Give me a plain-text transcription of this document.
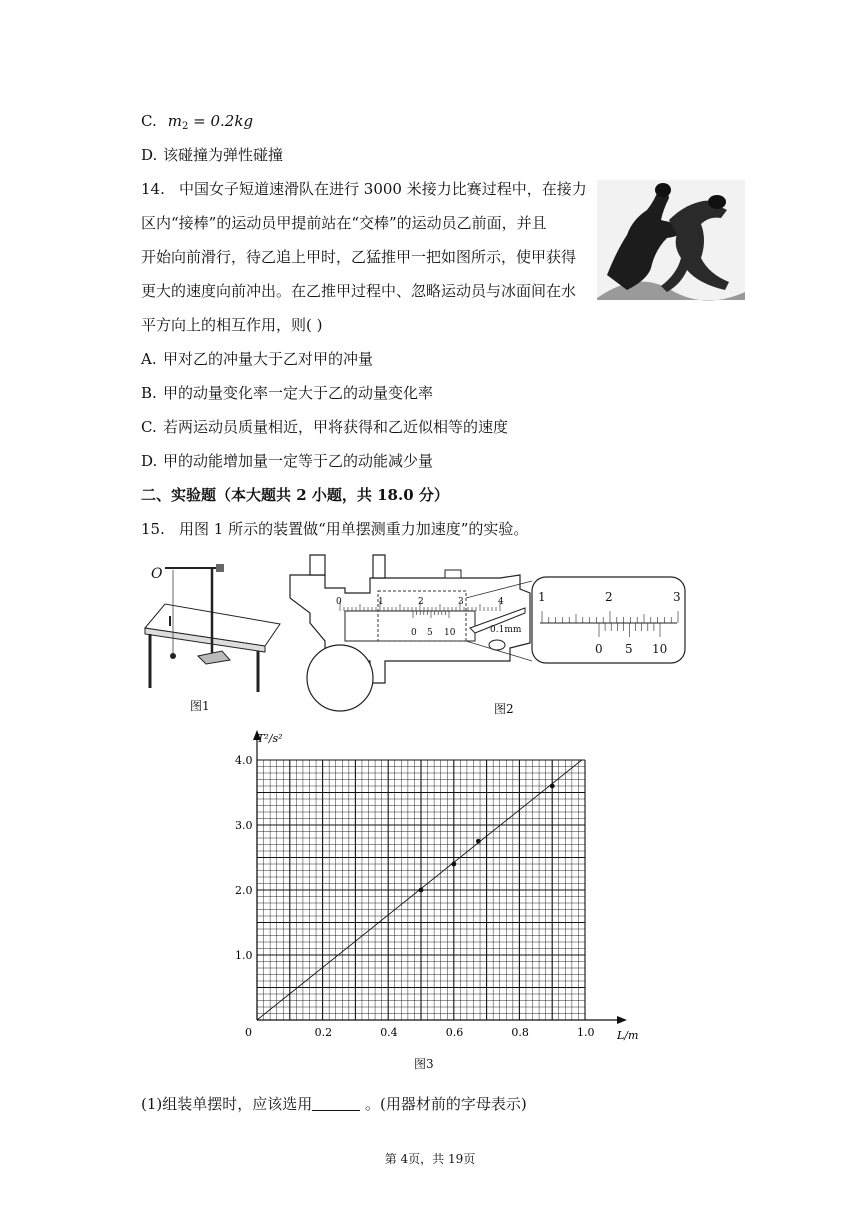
C. $m_2 = 0.2kg$
D. 该碰撞为弹性碰撞
14. 中国女子短道速滑队在进行 3000 米接力比赛过程中，在接力
区内“接棒”的运动员甲提前站在“交棒”的运动员乙前面，并且
开始向前滑行，待乙追上甲时，乙猛推甲一把如图所示，使甲获得
更大的速度向前冲出。在乙推甲过程中、忽略运动员与冰面间在水
平方向上的相互作用，则( )
A. 甲对乙的冲量大于乙对甲的冲量
B. 甲的动量变化率一定大于乙的动量变化率
C. 若两运动员质量相近，甲将获得和乙近似相等的速度
D. 甲的动能增加量一定等于乙的动能减少量
二、实验题（本大题共 2 小题，共 18.0 分）
15. 用图 1 所示的装置做“用单摆测重力加速度”的实验。
O
图1
0	1	2	3	4
0 5 10	0.1mm
1	2	3
0 5 10
图2
0	0.2	0.4	0.6	0.8	1.0
1.0
2.0
3.0
4.0
T²/s²
L/m
图3
(1)组装单摆时，应该选用	。(用器材前的字母表示)
第 4页，共 19页
